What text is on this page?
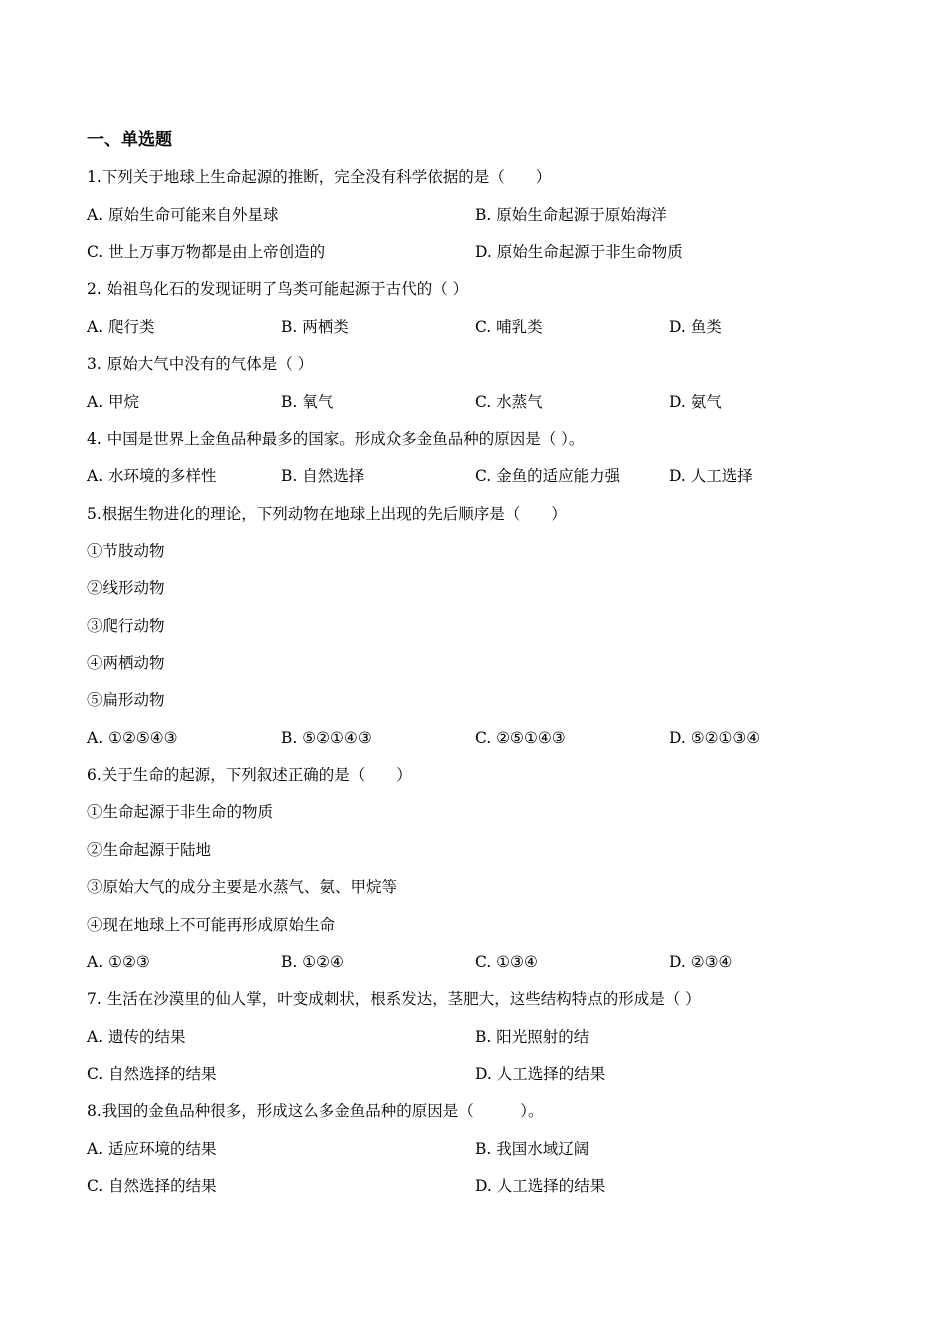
一、单选题
1.下列关于地球上生命起源的推断，完全没有科学依据的是（　　）
A. 原始生命可能来自外星球	B. 原始生命起源于原始海洋
C. 世上万事万物都是由上帝创造的	D. 原始生命起源于非生命物质
2. 始祖鸟化石的发现证明了鸟类可能起源于古代的（ ）
A. 爬行类	B. 两栖类	C. 哺乳类	D. 鱼类
3. 原始大气中没有的气体是（ ）
A. 甲烷	B. 氧气	C. 水蒸气	D. 氨气
4. 中国是世界上金鱼品种最多的国家。形成众多金鱼品种的原因是（ ）。
A. 水环境的多样性	B. 自然选择	C. 金鱼的适应能力强	D. 人工选择
5.根据生物进化的理论，下列动物在地球上出现的先后顺序是（　　）
①节肢动物
②线形动物
③爬行动物
④两栖动物
⑤扁形动物
A. ①②⑤④③	B. ⑤②①④③	C. ②⑤①④③	D. ⑤②①③④
6.关于生命的起源，下列叙述正确的是（　　）
①生命起源于非生命的物质
②生命起源于陆地
③原始大气的成分主要是水蒸气、氨、甲烷等
④现在地球上不可能再形成原始生命
A. ①②③	B. ①②④	C. ①③④	D. ②③④
7. 生活在沙漠里的仙人掌，叶变成刺状，根系发达，茎肥大，这些结构特点的形成是（ ）
A. 遗传的结果	B. 阳光照射的结
C. 自然选择的结果	D. 人工选择的结果
8.我国的金鱼品种很多，形成这么多金鱼品种的原因是（　　　）。
A. 适应环境的结果	B. 我国水域辽阔
C. 自然选择的结果	D. 人工选择的结果
